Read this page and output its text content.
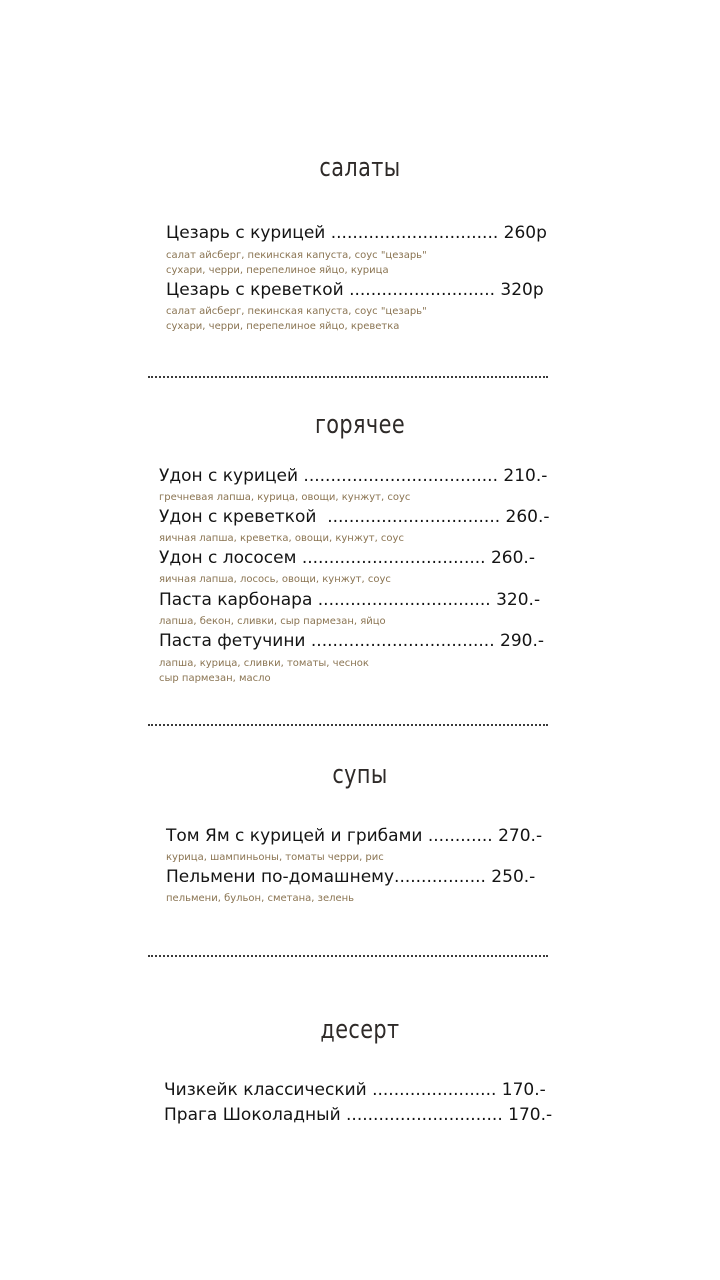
салаты
Цезарь с курицей ............................... 260р
салат айсберг, пекинская капуста, соус "цезарь"
сухари, черри, перепелиное яйцо, курица
Цезарь с креветкой ........................... 320р
салат айсберг, пекинская капуста, соус "цезарь"
сухари, черри, перепелиное яйцо, креветка
горячее
Удон с курицей .................................... 210.-
гречневая лапша, курица, овощи, кунжут, соус
Удон с креветкой  ................................ 260.-
яичная лапша, креветка, овощи, кунжут, соус
Удон с лососем .................................. 260.-
яичная лапша, лосось, овощи, кунжут, соус
Паста карбонара ................................ 320.-
лапша, бекон, сливки, сыр пармезан, яйцо
Паста фетучини .................................. 290.-
лапша, курица, сливки, томаты, чеснок
сыр пармезан, масло
супы
Том Ям с курицей и грибами ............ 270.-
курица, шампиньоны, томаты черри, рис
Пельмени по-домашнему................. 250.-
пельмени, бульон, сметана, зелень
десерт
Чизкейк классический ....................... 170.-
Прага Шоколадный ............................. 170.-
